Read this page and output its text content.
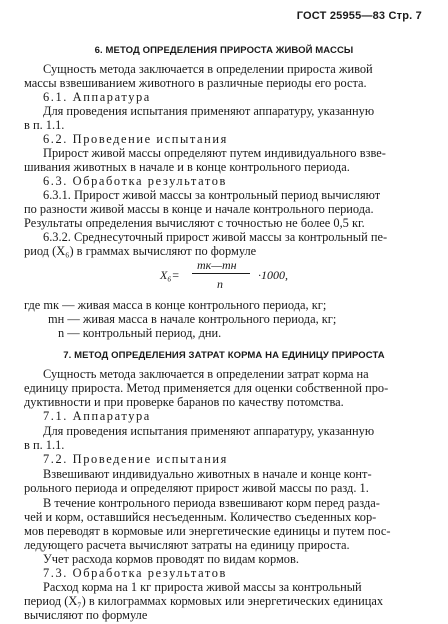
ГОСТ 25955—83 Стр. 7
6. МЕТОД ОПРЕДЕЛЕНИЯ ПРИРОСТА ЖИВОЙ МАССЫ
Сущность метода заключается в определении прироста живой
массы взвешиванием животного в различные периоды его роста.
6.1. Аппаратура
Для проведения испытания применяют аппаратуру, указанную
в п. 1.1.
6.2. Проведение испытания
Прирост живой массы определяют путем индивидуального взве-
шивания животных в начале и в конце контрольного периода.
6.3. Обработка результатов
6.3.1. Прирост живой массы за контрольный период вычисляют
по разности живой массы в конце и начале контрольного периода.
Результаты определения вычисляют с точностью не более 0,5 кг.
6.3.2. Среднесуточный прирост живой массы за контрольный пе-
риод (X₆) в граммах вычисляют по формуле
X₆=
mк—mн
n
·1000,
где mк — живая масса в конце контрольного периода, кг;
mн — живая масса в начале контрольного периода, кг;
n — контрольный период, дни.
7. МЕТОД ОПРЕДЕЛЕНИЯ ЗАТРАТ КОРМА НА ЕДИНИЦУ ПРИРОСТА
Сущность метода заключается в определении затрат корма на
единицу прироста. Метод применяется для оценки собственной про-
дуктивности и при проверке баранов по качеству потомства.
7.1. Аппаратура
Для проведения испытания применяют аппаратуру, указанную
в п. 1.1.
7.2. Проведение испытания
Взвешивают индивидуально животных в начале и конце конт-
рольного периода и определяют прирост живой массы по разд. 1.
В течение контрольного периода взвешивают корм перед разда-
чей и корм, оставшийся несъеденным. Количество съеденных кор-
мов переводят в кормовые или энергетические единицы и путем пос-
ледующего расчета вычисляют затраты на единицу прироста.
Учет расхода кормов проводят по видам кормов.
7.3. Обработка результатов
Расход корма на 1 кг прироста живой массы за контрольный
период (X₇) в килограммах кормовых или энергетических единицах
вычисляют по формуле
